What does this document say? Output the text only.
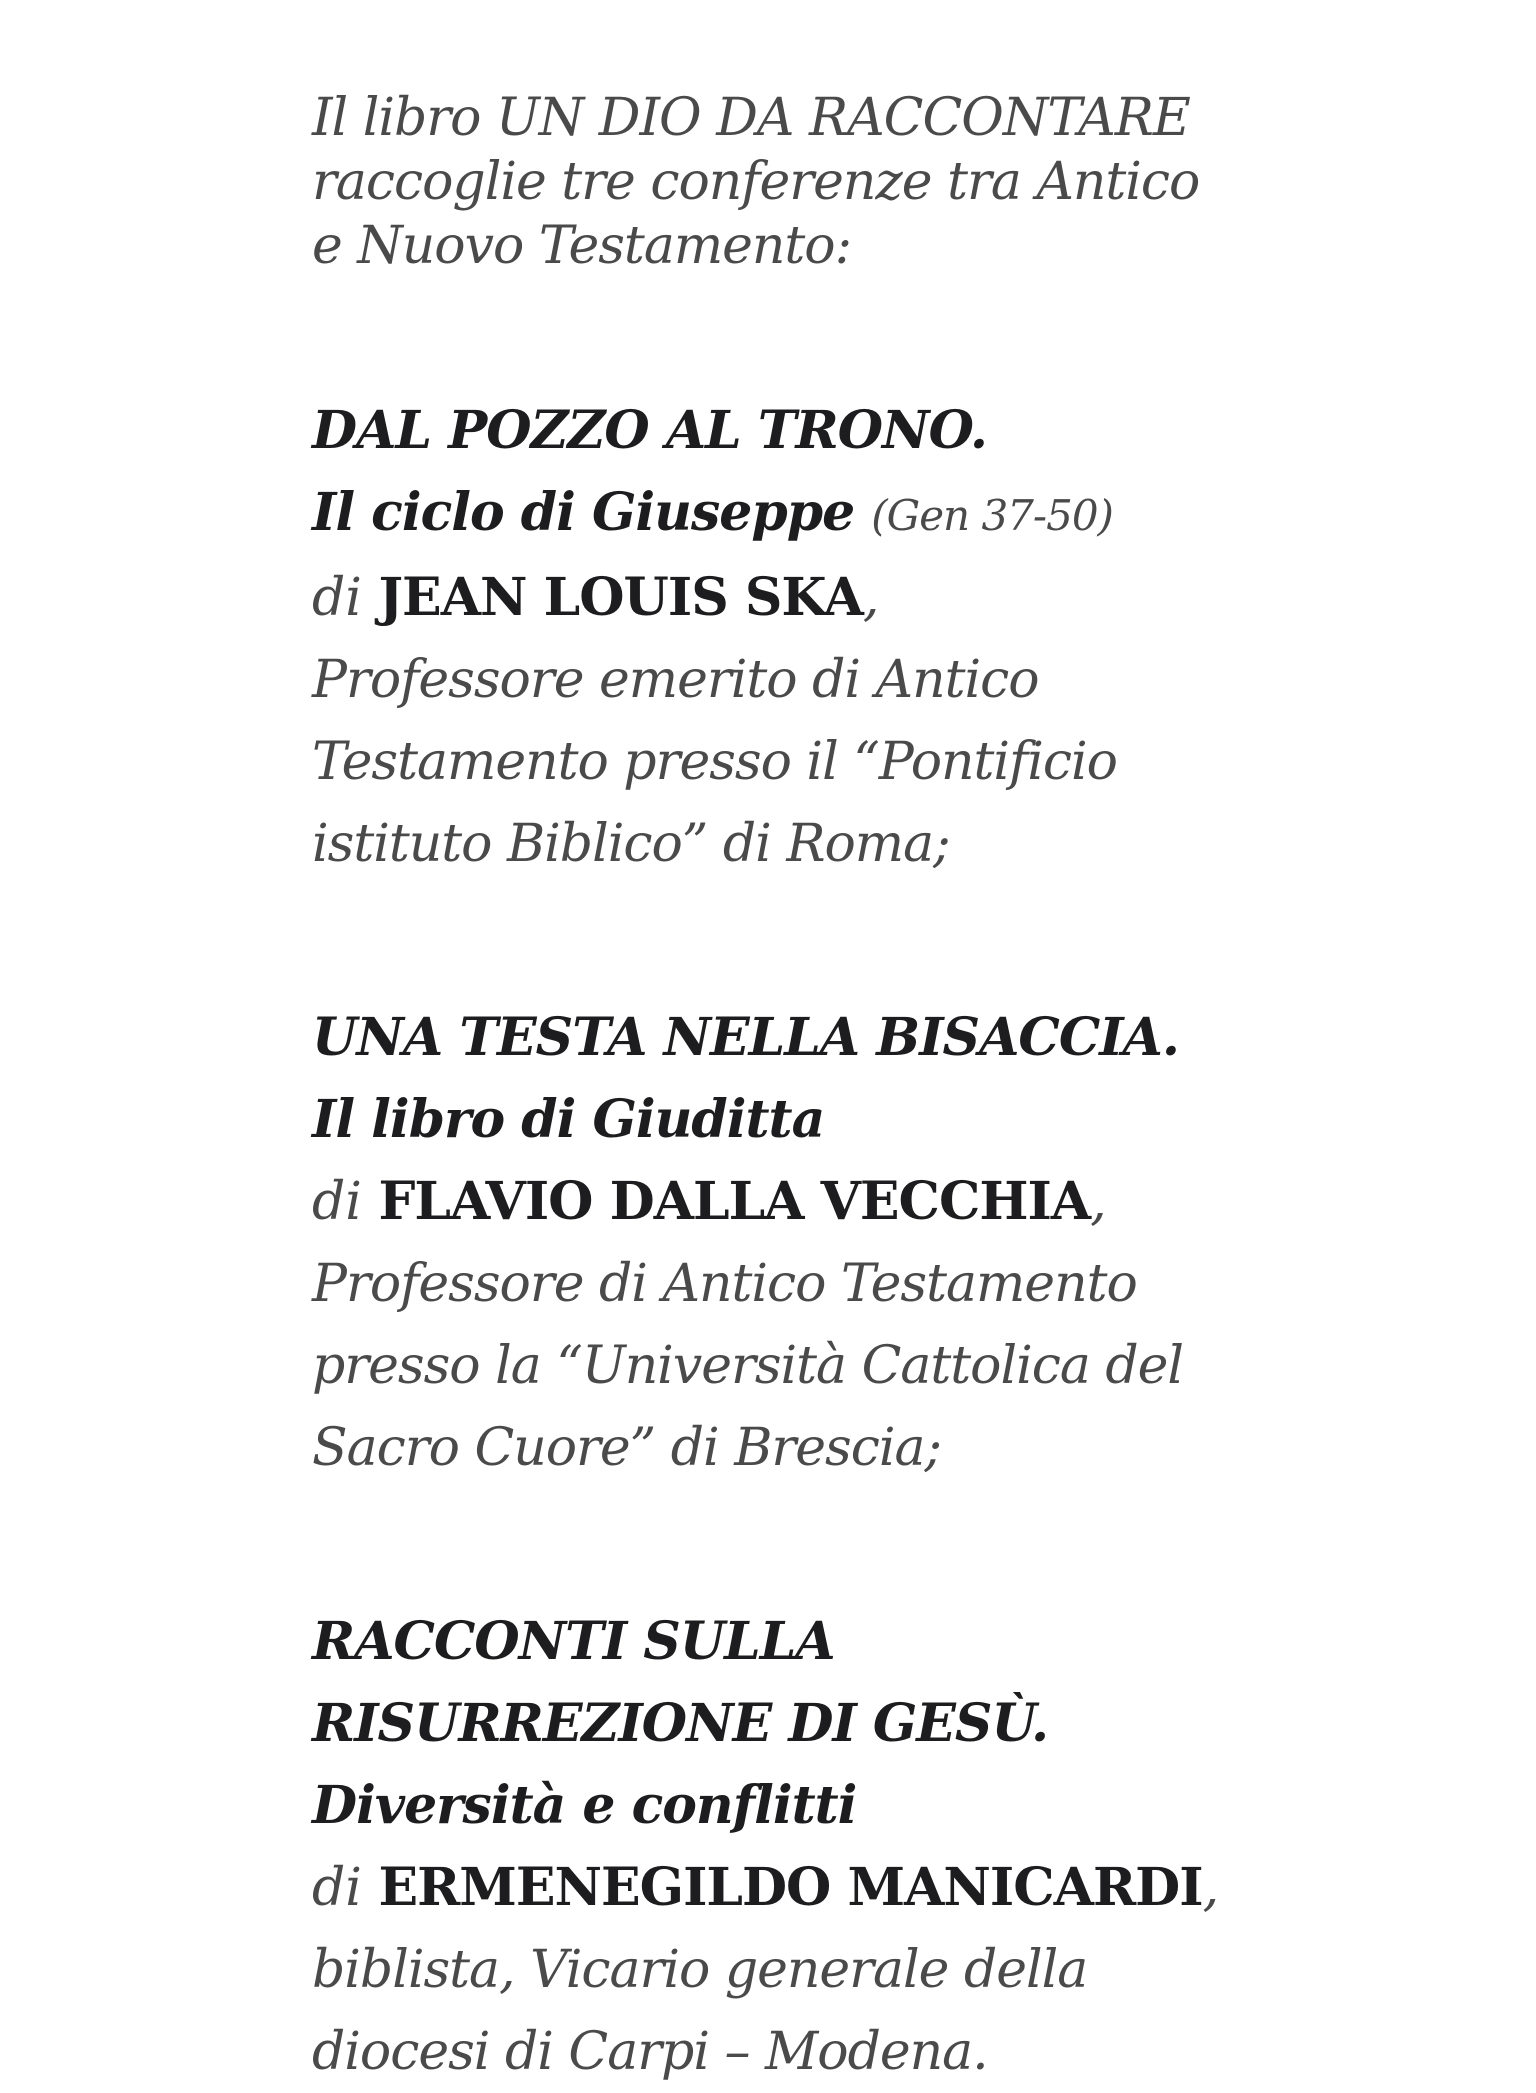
Il libro UN DIO DA RACCONTARE
raccoglie tre conferenze tra Antico
e Nuovo Testamento:
DAL POZZO AL TRONO.
Il ciclo di Giuseppe (Gen 37-50)
di JEAN LOUIS SKA,
Professore emerito di Antico
Testamento presso il “Pontificio
istituto Biblico” di Roma;
UNA TESTA NELLA BISACCIA.
Il libro di Giuditta
di FLAVIO DALLA VECCHIA,
Professore di Antico Testamento
presso la “Università Cattolica del
Sacro Cuore” di Brescia;
RACCONTI SULLA
RISURREZIONE DI GESÙ.
Diversità e conflitti
di ERMENEGILDO MANICARDI,
biblista, Vicario generale della
diocesi di Carpi – Modena.
